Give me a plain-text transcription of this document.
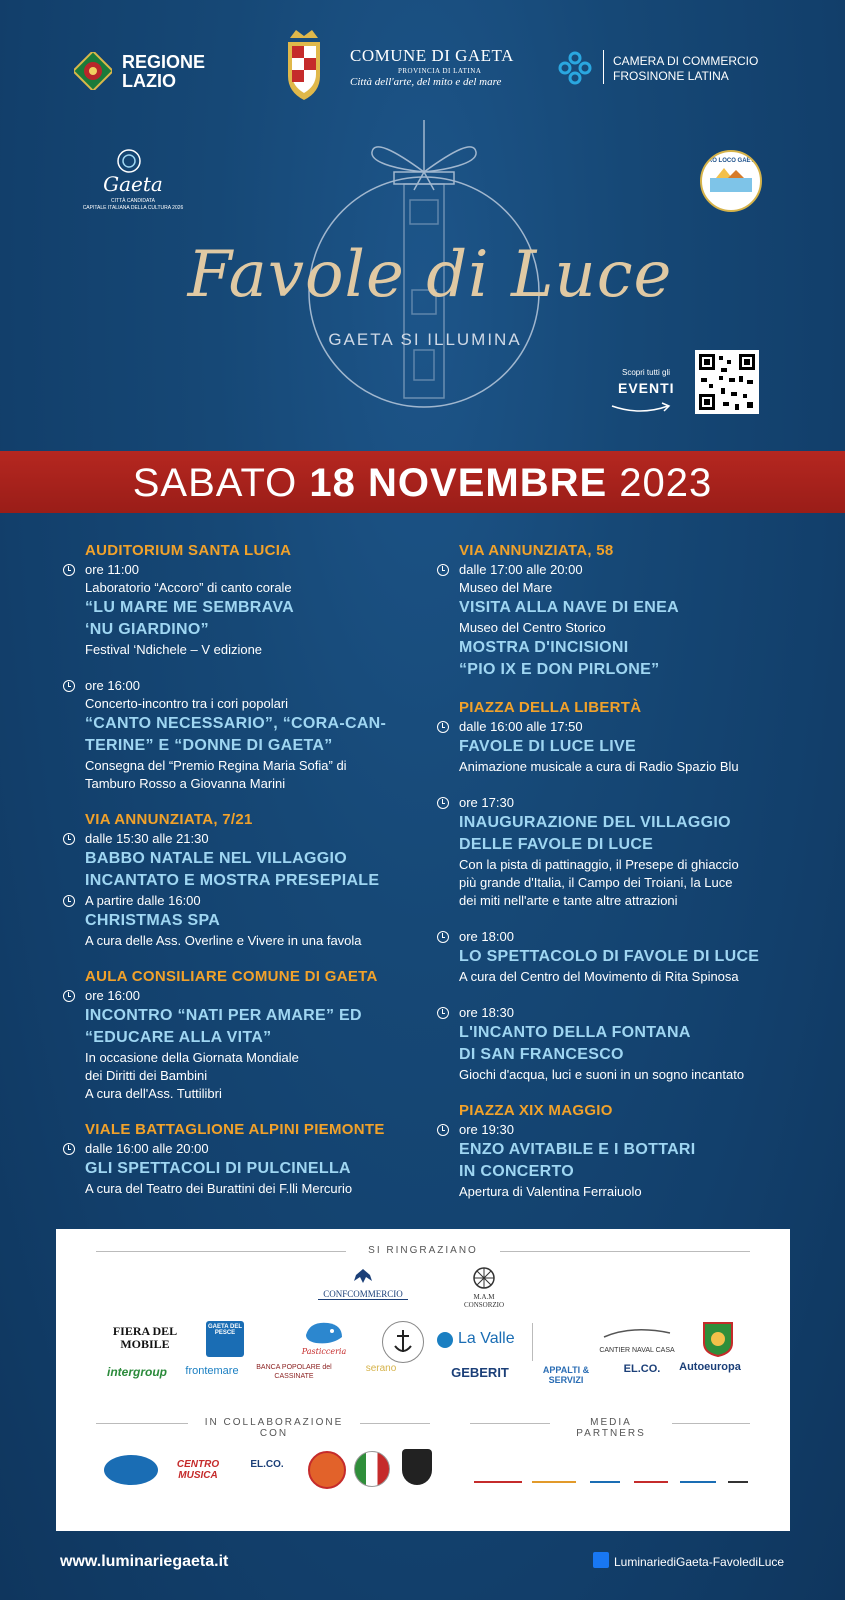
REGIONE
LAZIO
COMUNE DI GAETA
PROVINCIA DI LATINA
Città dell'arte, del mito e del mare
CAMERA DI COMMERCIO
FROSINONE LATINA
Gaeta
CITTÀ CANDIDATA
CAPITALE ITALIANA DELLA CULTURA 2026
PRO LOCO GAETA
Favole di Luce
GAETA SI ILLUMINA
Scopri tutti gli
EVENTI
SABATO 18 NOVEMBRE 2023
AUDITORIUM SANTA LUCIA
ore 11:00
Laboratorio “Accoro” di canto corale
“LU MARE ME SEMBRAVA
‘NU GIARDINO”
Festival ‘Ndichele – V edizione
ore 16:00
Concerto-incontro tra i cori popolari
“CANTO NECESSARIO”, “CORA-CAN-
TERINE” E “DONNE DI GAETA”
Consegna del “Premio Regina Maria Sofia” di
Tamburo Rosso a Giovanna Marini
VIA ANNUNZIATA, 7/21
dalle 15:30 alle 21:30
BABBO NATALE NEL VILLAGGIO
INCANTATO E MOSTRA PRESEPIALE
A partire dalle 16:00
CHRISTMAS SPA
A cura delle Ass. Overline e Vivere in una favola
AULA CONSILIARE COMUNE DI GAETA
ore 16:00
INCONTRO “NATI PER AMARE” ED
“EDUCARE ALLA VITA”
In occasione della Giornata Mondiale
dei Diritti dei Bambini
A cura dell'Ass. Tuttilibri
VIALE BATTAGLIONE ALPINI PIEMONTE
dalle 16:00 alle 20:00
GLI SPETTACOLI DI PULCINELLA
A cura del Teatro dei Burattini dei F.lli Mercurio
VIA ANNUNZIATA, 58
dalle 17:00 alle 20:00
Museo del Mare
VISITA ALLA NAVE DI ENEA
Museo del Centro Storico
MOSTRA D'INCISIONI
“PIO IX E DON PIRLONE”
PIAZZA DELLA LIBERTÀ
dalle 16:00 alle 17:50
FAVOLE DI LUCE LIVE
Animazione musicale a cura di Radio Spazio Blu
ore 17:30
INAUGURAZIONE DEL VILLAGGIO
DELLE FAVOLE DI LUCE
Con la pista di pattinaggio, il Presepe di ghiaccio
più grande d'Italia, il Campo dei Troiani, la Luce
dei miti nell'arte e tante altre attrazioni
ore 18:00
LO SPETTACOLO DI FAVOLE DI LUCE
A cura del Centro del Movimento di Rita Spinosa
ore 18:30
L'INCANTO DELLA FONTANA
DI SAN FRANCESCO
Giochi d'acqua, luci e suoni in un sogno incantato
PIAZZA XIX MAGGIO
ore 19:30
ENZO AVITABILE E I BOTTARI
IN CONCERTO
Apertura di Valentina Ferraiuolo
SI RINGRAZIANO
CONFCOMMERCIO	M.A.M CONSORZIO
FIERA DEL MOBILE
GAETA DEL PESCE
Pasticceria
La Valle
CANTIER NAVAL CASA
intergroup	frontemare	BANCA POPOLARE del CASSINATE
serano	GEBERIT	APPALTI & SERVIZI
EL.CO.	Autoeuropa
IN COLLABORAZIONE CON
MEDIA PARTNERS
CENTRO MUSICA
EL.CO.
www.luminariegaeta.it	LuminariediGaeta-FavolediLuce
